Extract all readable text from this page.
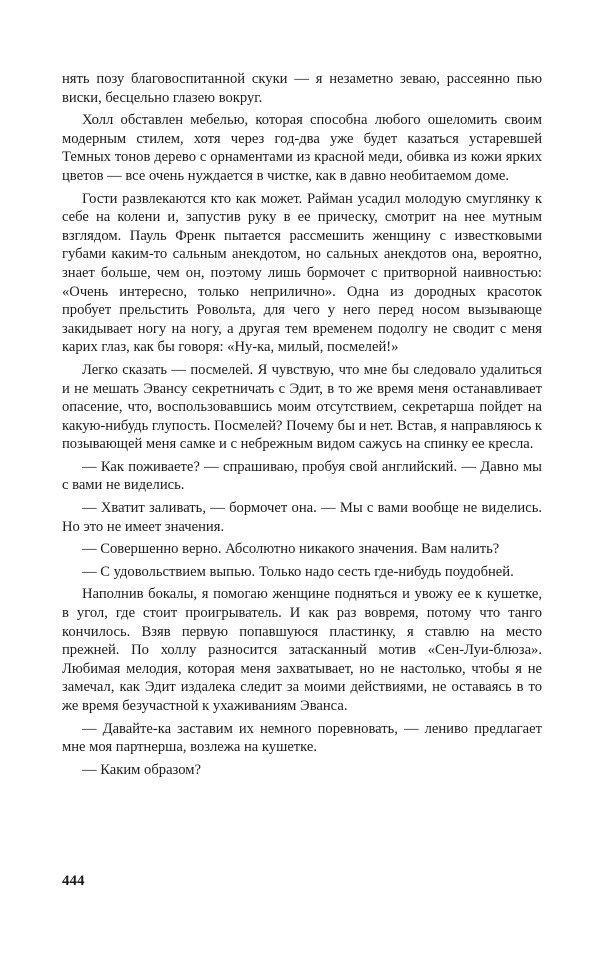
нять позу благовоспитанной скуки — я незаметно зеваю, рассеянно пью виски, бесцельно глазею вокруг.

Холл обставлен мебелью, которая способна любого ошеломить своим модерным стилем, хотя через год-два уже будет казаться устаревшей Темных тонов дерево с орнаментами из красной меди, обивка из кожи ярких цветов — все очень нуждается в чистке, как в давно необитаемом доме.

Гости развлекаются кто как может. Райман усадил молодую смуглянку к себе на колени и, запустив руку в ее прическу, смотрит на нее мутным взглядом. Пауль Френк пытается рассмешить женщину с известковыми губами каким-то сальным анекдотом, но сальных анекдотов она, вероятно, знает больше, чем он, поэтому лишь бормочет с притворной наивностью: «Очень интересно, только неприлично». Одна из дородных красоток пробует прельстить Ровольта, для чего у него перед носом вызывающе закидывает ногу на ногу, а другая тем временем подолгу не сводит с меня карих глаз, как бы говоря: «Ну-ка, милый, посмелей!»

Легко сказать — посмелей. Я чувствую, что мне бы следовало удалиться и не мешать Эвансу секретничать с Эдит, в то же время меня останавливает опасение, что, воспользовавшись моим отсутствием, секретарша пойдет на какую-нибудь глупость. Посмелей? Почему бы и нет. Встав, я направляюсь к позывающей меня самке и с небрежным видом сажусь на спинку ее кресла.

— Как поживаете? — спрашиваю, пробуя свой английский. — Давно мы с вами не виделись.

— Хватит заливать, — бормочет она. — Мы с вами вообще не виделись. Но это не имеет значения.

— Совершенно верно. Абсолютно никакого значения. Вам налить?

— С удовольствием выпью. Только надо сесть где-нибудь поудобней.

Наполнив бокалы, я помогаю женщине подняться и увожу ее к кушетке, в угол, где стоит проигрыватель. И как раз вовремя, потому что танго кончилось. Взяв первую попавшуюся пластинку, я ставлю на место прежней. По холлу разносится затасканный мотив «Сен-Луи-блюза». Любимая мелодия, которая меня захватывает, но не настолько, чтобы я не замечал, как Эдит издалека следит за моими действиями, не оставаясь в то же время безучастной к ухаживаниям Эванса.

— Давайте-ка заставим их немного поревновать, — лениво предлагает мне моя партнерша, возлежа на кушетке.

— Каким образом?

444
